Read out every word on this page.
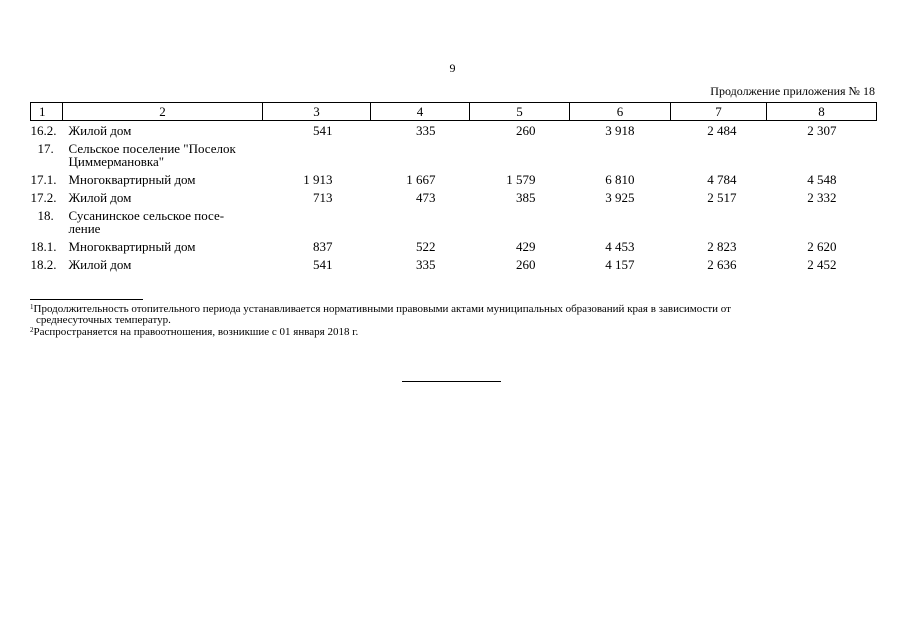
9
Продолжение приложения № 18
1	2	3	4	5	6	7	8
16.2.	Жилой дом	541	335	260	3 918	2 484	2 307
17.	Сельское поселение "Поселок
Циммермановка"						
17.1.	Многоквартирный дом	1 913	1 667	1 579	6 810	4 784	4 548
17.2.	Жилой дом	713	473	385	3 925	2 517	2 332
18.	Сусанинское сельское посе-
ление						
18.1.	Многоквартирный дом	837	522	429	4 453	2 823	2 620
18.2.	Жилой дом	541	335	260	4 157	2 636	2 452
$^1$Продолжительность отопительного периода устанавливается нормативными правовыми актами муниципальных образований края в зависимости от
среднесуточных температур.
$^2$Распространяется на правоотношения, возникшие с 01 января 2018 г.
